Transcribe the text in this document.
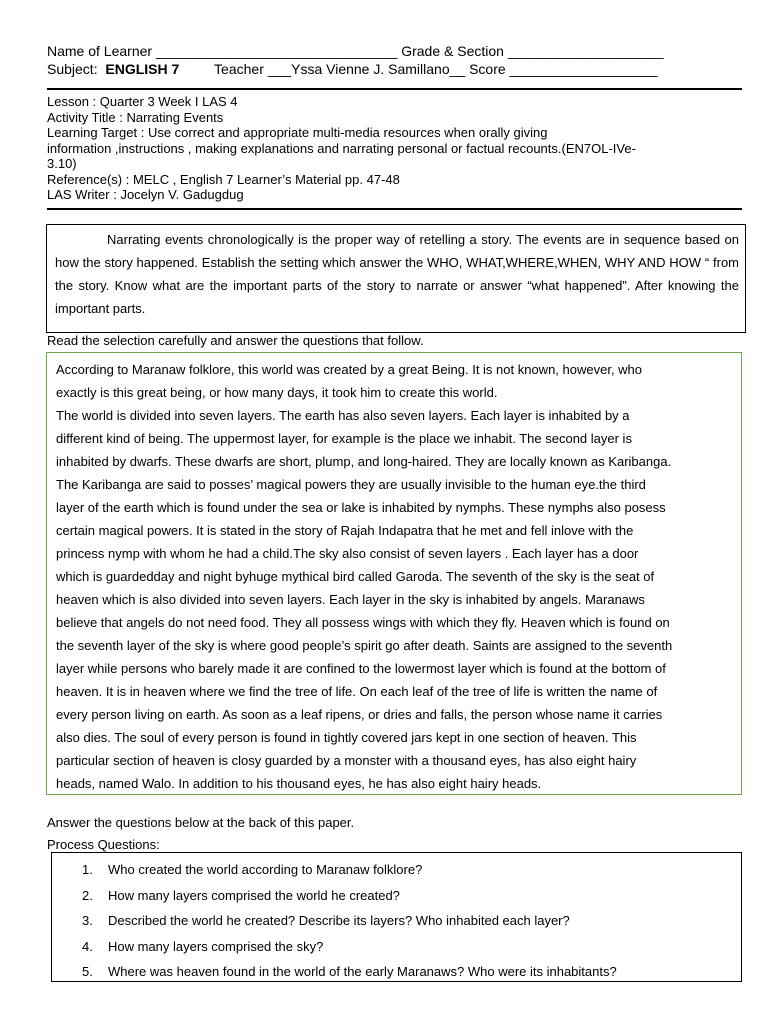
Name of Learner _______________________________ Grade & Section ____________________
Subject: ENGLISH 7 Teacher ___Yssa Vienne J. Samillano__ Score ___________________
Lesson : Quarter 3 Week I LAS 4
Activity Title : Narrating Events
Learning Target : Use correct and appropriate multi-media resources when orally giving
information ,instructions , making explanations and narrating personal or factual recounts.(EN7OL-IVe-
3.10)
Reference(s) : MELC , English 7 Learner’s Material pp. 47-48
LAS Writer : Jocelyn V. Gadugdug

Narrating events chronologically is the proper way of retelling a story. The events are in sequence based on how the story happened. Establish the setting which answer the WHO, WHAT,WHERE,WHEN, WHY AND HOW “ from the story. Know what are the important parts of the story to narrate or answer “what happened”. After knowing the important parts.

Read the selection carefully and answer the questions that follow.

According to Maranaw folklore, this world was created by a great Being. It is not known, however, who

exactly is this great being, or how many days, it took him to create this world.

The world is divided into seven layers. The earth has also seven layers. Each layer is inhabited by a

different kind of being. The uppermost layer, for example is the place we inhabit. The second layer is

inhabited by dwarfs. These dwarfs are short, plump, and long-haired. They are locally known as Karibanga.

The Karibanga are said to posses’ magical powers they are usually invisible to the human eye.the third

layer of the earth which is found under the sea or lake is inhabited by nymphs. These nymphs also posess

certain magical powers. It is stated in the story of Rajah Indapatra that he met and fell inlove with the

princess nymp with whom he had a child.The sky also consist of seven layers . Each layer has a door

which is guardedday and night byhuge mythical bird called Garoda. The seventh of the sky is the seat of

heaven which is also divided into seven layers. Each layer in the sky is inhabited by angels. Maranaws

believe that angels do not need food. They all possess wings with which they fly. Heaven which is found on

the seventh layer of the sky is where good people’s spirit go after death. Saints are assigned to the seventh

layer while persons who barely made it are confined to the lowermost layer which is found at the bottom of

heaven. It is in heaven where we find the tree of life. On each leaf of the tree of life is written the name of

every person living on earth. As soon as a leaf ripens, or dries and falls, the person whose name it carries

also dies. The soul of every person is found in tightly covered jars kept in one section of heaven. This

particular section of heaven is closy guarded by a monster with a thousand eyes, has also eight hairy

heads, named Walo. In addition to his thousand eyes, he has also eight hairy heads.

Answer the questions below at the back of this paper.
Process Questions:
1. Who created the world according to Maranaw folklore?
2. How many layers comprised the world he created?
3. Described the world he created? Describe its layers? Who inhabited each layer?
4. How many layers comprised the sky?
5. Where was heaven found in the world of the early Maranaws? Who were its inhabitants?
